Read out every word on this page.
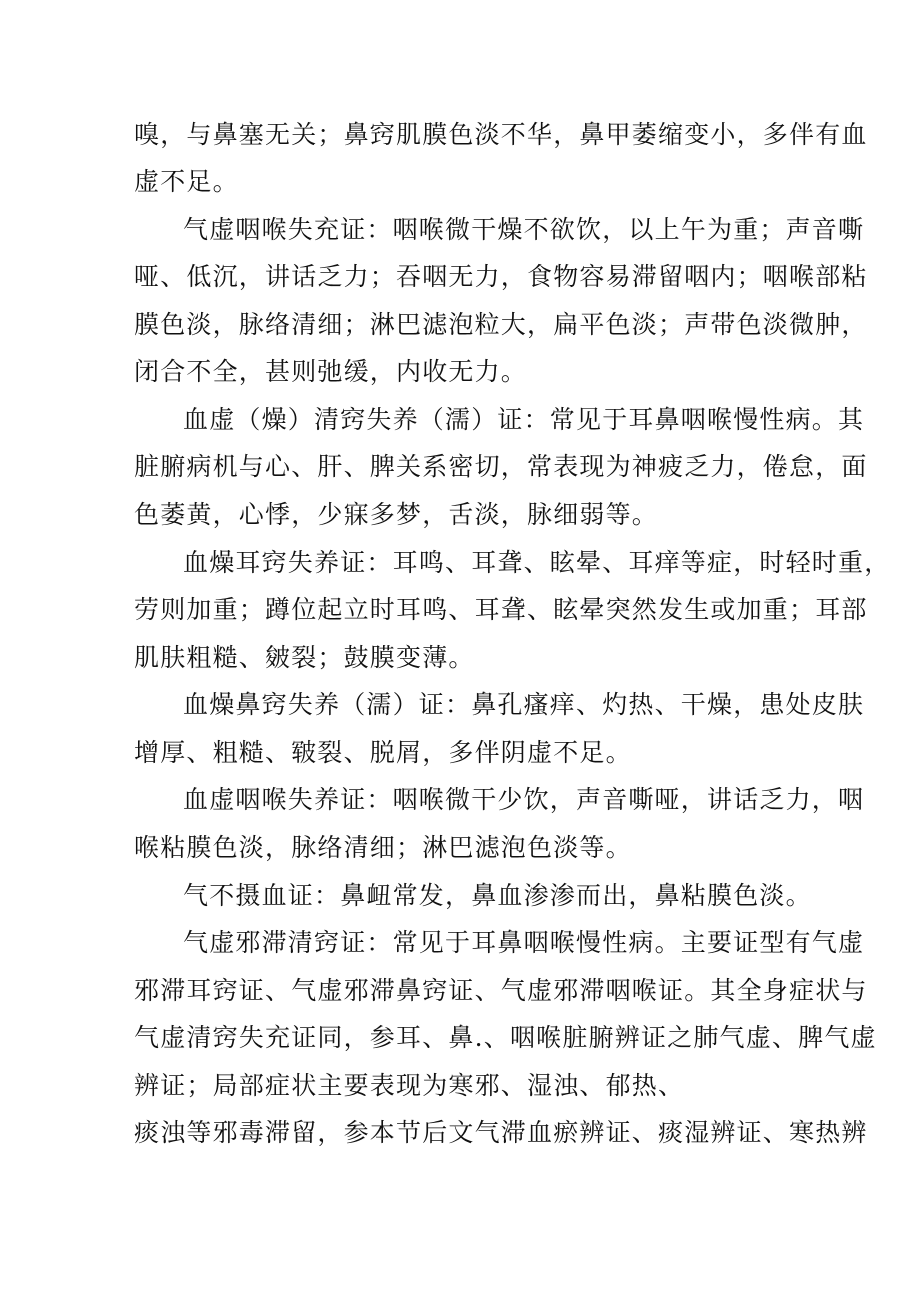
嗅，与鼻塞无关；鼻窍肌膜色淡不华，鼻甲萎缩变小，多伴有血
虚不足。
气虚咽喉失充证：咽喉微干燥不欲饮，以上午为重；声音嘶
哑、低沉，讲话乏力；吞咽无力，食物容易滞留咽内；咽喉部粘
膜色淡，脉络清细；淋巴滤泡粒大，扁平色淡；声带色淡微肿，
闭合不全，甚则弛缓，内收无力。
血虚（燥）清窍失养（濡）证：常见于耳鼻咽喉慢性病。其
脏腑病机与心、肝、脾关系密切，常表现为神疲乏力，倦怠，面
色萎黄，心悸，少寐多梦，舌淡，脉细弱等。
血燥耳窍失养证：耳鸣、耳聋、眩晕、耳痒等症，时轻时重，
劳则加重；蹲位起立时耳鸣、耳聋、眩晕突然发生或加重；耳部
肌肤粗糙、皴裂；鼓膜变薄。
血燥鼻窍失养（濡）证：鼻孔瘙痒、灼热、干燥，患处皮肤
增厚、粗糙、皲裂、脱屑，多伴阴虚不足。
血虚咽喉失养证：咽喉微干少饮，声音嘶哑，讲话乏力，咽
喉粘膜色淡，脉络清细；淋巴滤泡色淡等。
气不摄血证：鼻衄常发，鼻血渗渗而出，鼻粘膜色淡。
气虚邪滞清窍证：常见于耳鼻咽喉慢性病。主要证型有气虚
邪滞耳窍证、气虚邪滞鼻窍证、气虚邪滞咽喉证。其全身症状与
气虚清窍失充证同，参耳、鼻.、咽喉脏腑辨证之肺气虚、脾气虚
辨证；局部症状主要表现为寒邪、湿浊、郁热、
痰浊等邪毒滞留，参本节后文气滞血瘀辨证、痰湿辨证、寒热辨
